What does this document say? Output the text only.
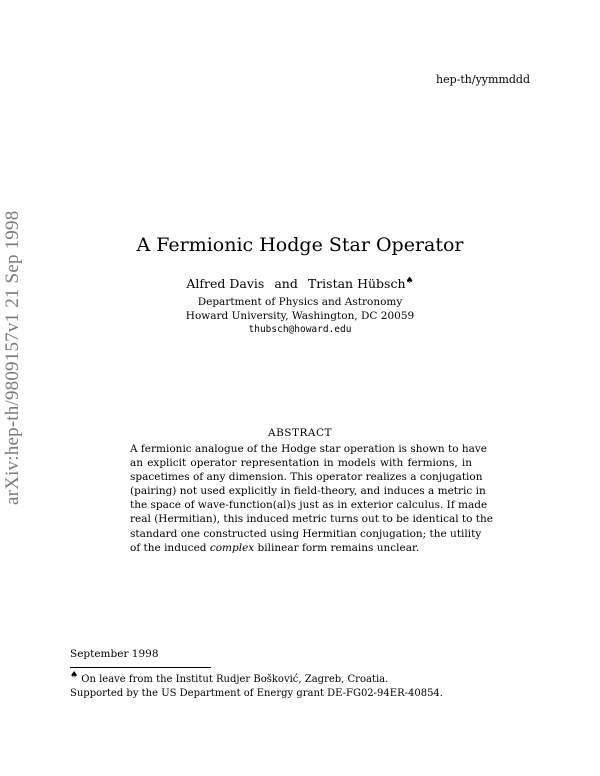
hep-th/yymmddd
arXiv:hep-th/9809157v1 21 Sep 1998	A Fermionic Hodge Star Operator
Alfred Davis and Tristan Hübsch♠
Department of Physics and Astronomy
Howard University, Washington, DC 20059
thubsch@howard.edu
ABSTRACT
A fermionic analogue of the Hodge star operation is shown to have
an explicit operator representation in models with fermions, in
spacetimes of any dimension. This operator realizes a conjugation
(pairing) not used explicitly in field-theory, and induces a metric in
the space of wave-function(al)s just as in exterior calculus. If made
real (Hermitian), this induced metric turns out to be identical to the
standard one constructed using Hermitian conjugation; the utility
of the induced complex bilinear form remains unclear.
September 1998
♠ On leave from the Institut Rudjer Bošković, Zagreb, Croatia.
Supported by the US Department of Energy grant DE-FG02-94ER-40854.
